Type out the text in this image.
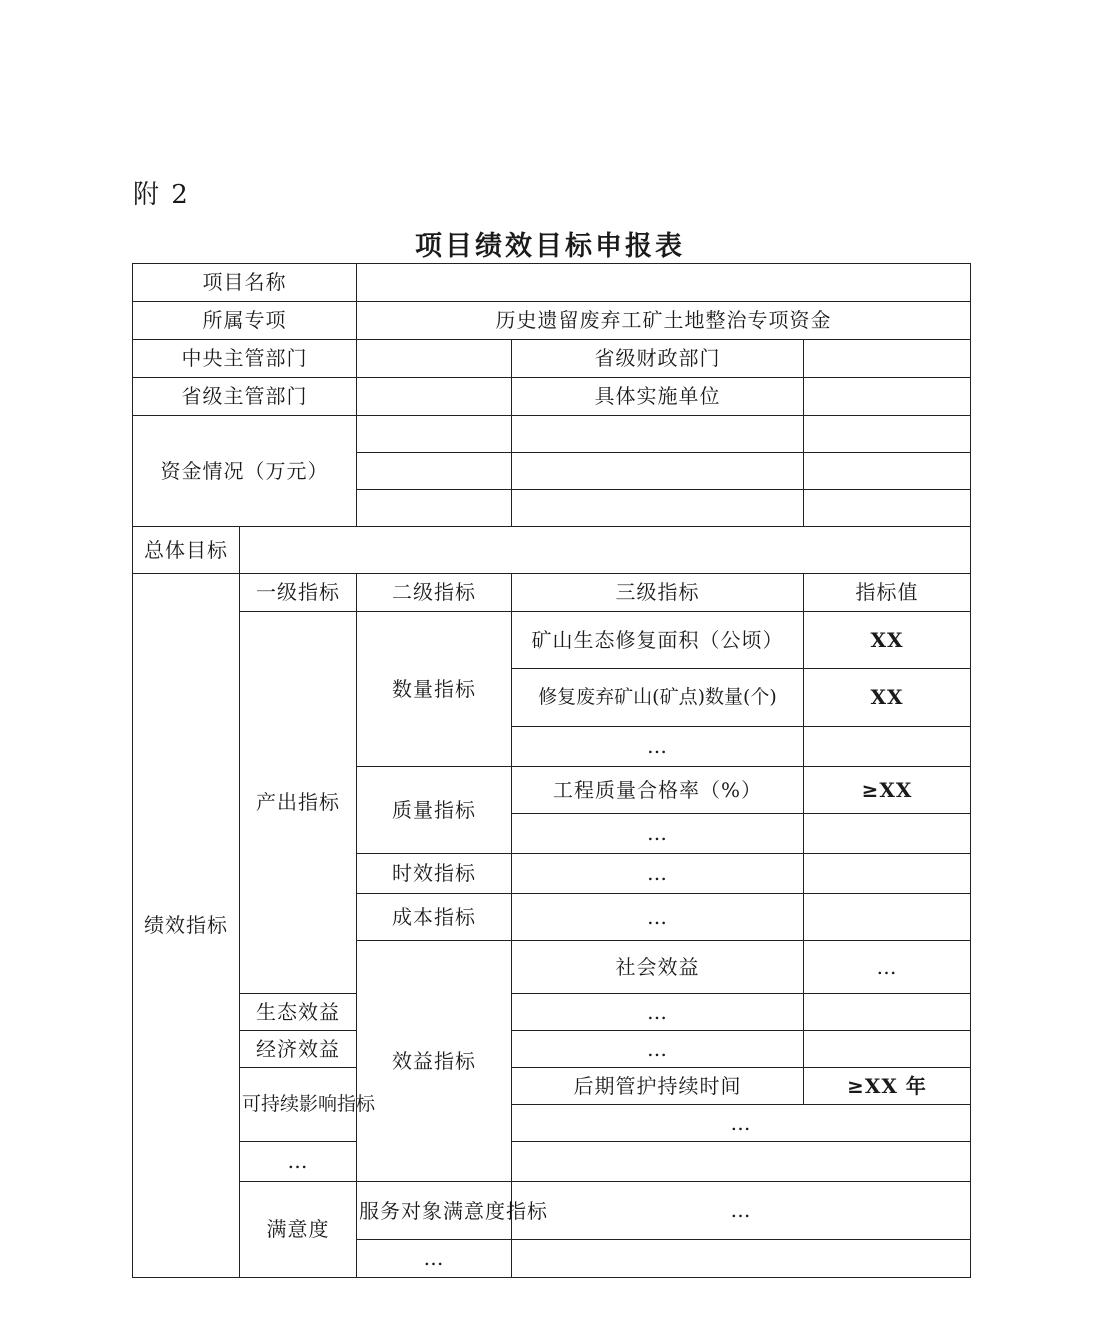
附 2
项目绩效目标申报表
项目名称					
所属专项		历史遗留废弃工矿土地整治专项资金			
中央主管部门			省级财政部门		
省级主管部门			具体实施单位		
资金情况（万元）					

总体目标					
绩效指标	一级指标	二级指标	三级指标	指标值	
	产出指标	数量指标	矿山生态修复面积（公顷）	XX	
			修复废弃矿山(矿点)数量(个)	XX	
			…		
		质量指标	工程质量合格率（%）	≥XX	
			…		
		时效指标	…		
		成本指标	…		
		效益指标	社会效益	…	
	生态效益		…		
	经济效益		…		
	可持续影响指标		后期管护持续时间	≥XX 年	
			…		
	…				
	满意度	服务对象满意度指标	…		
		…			
